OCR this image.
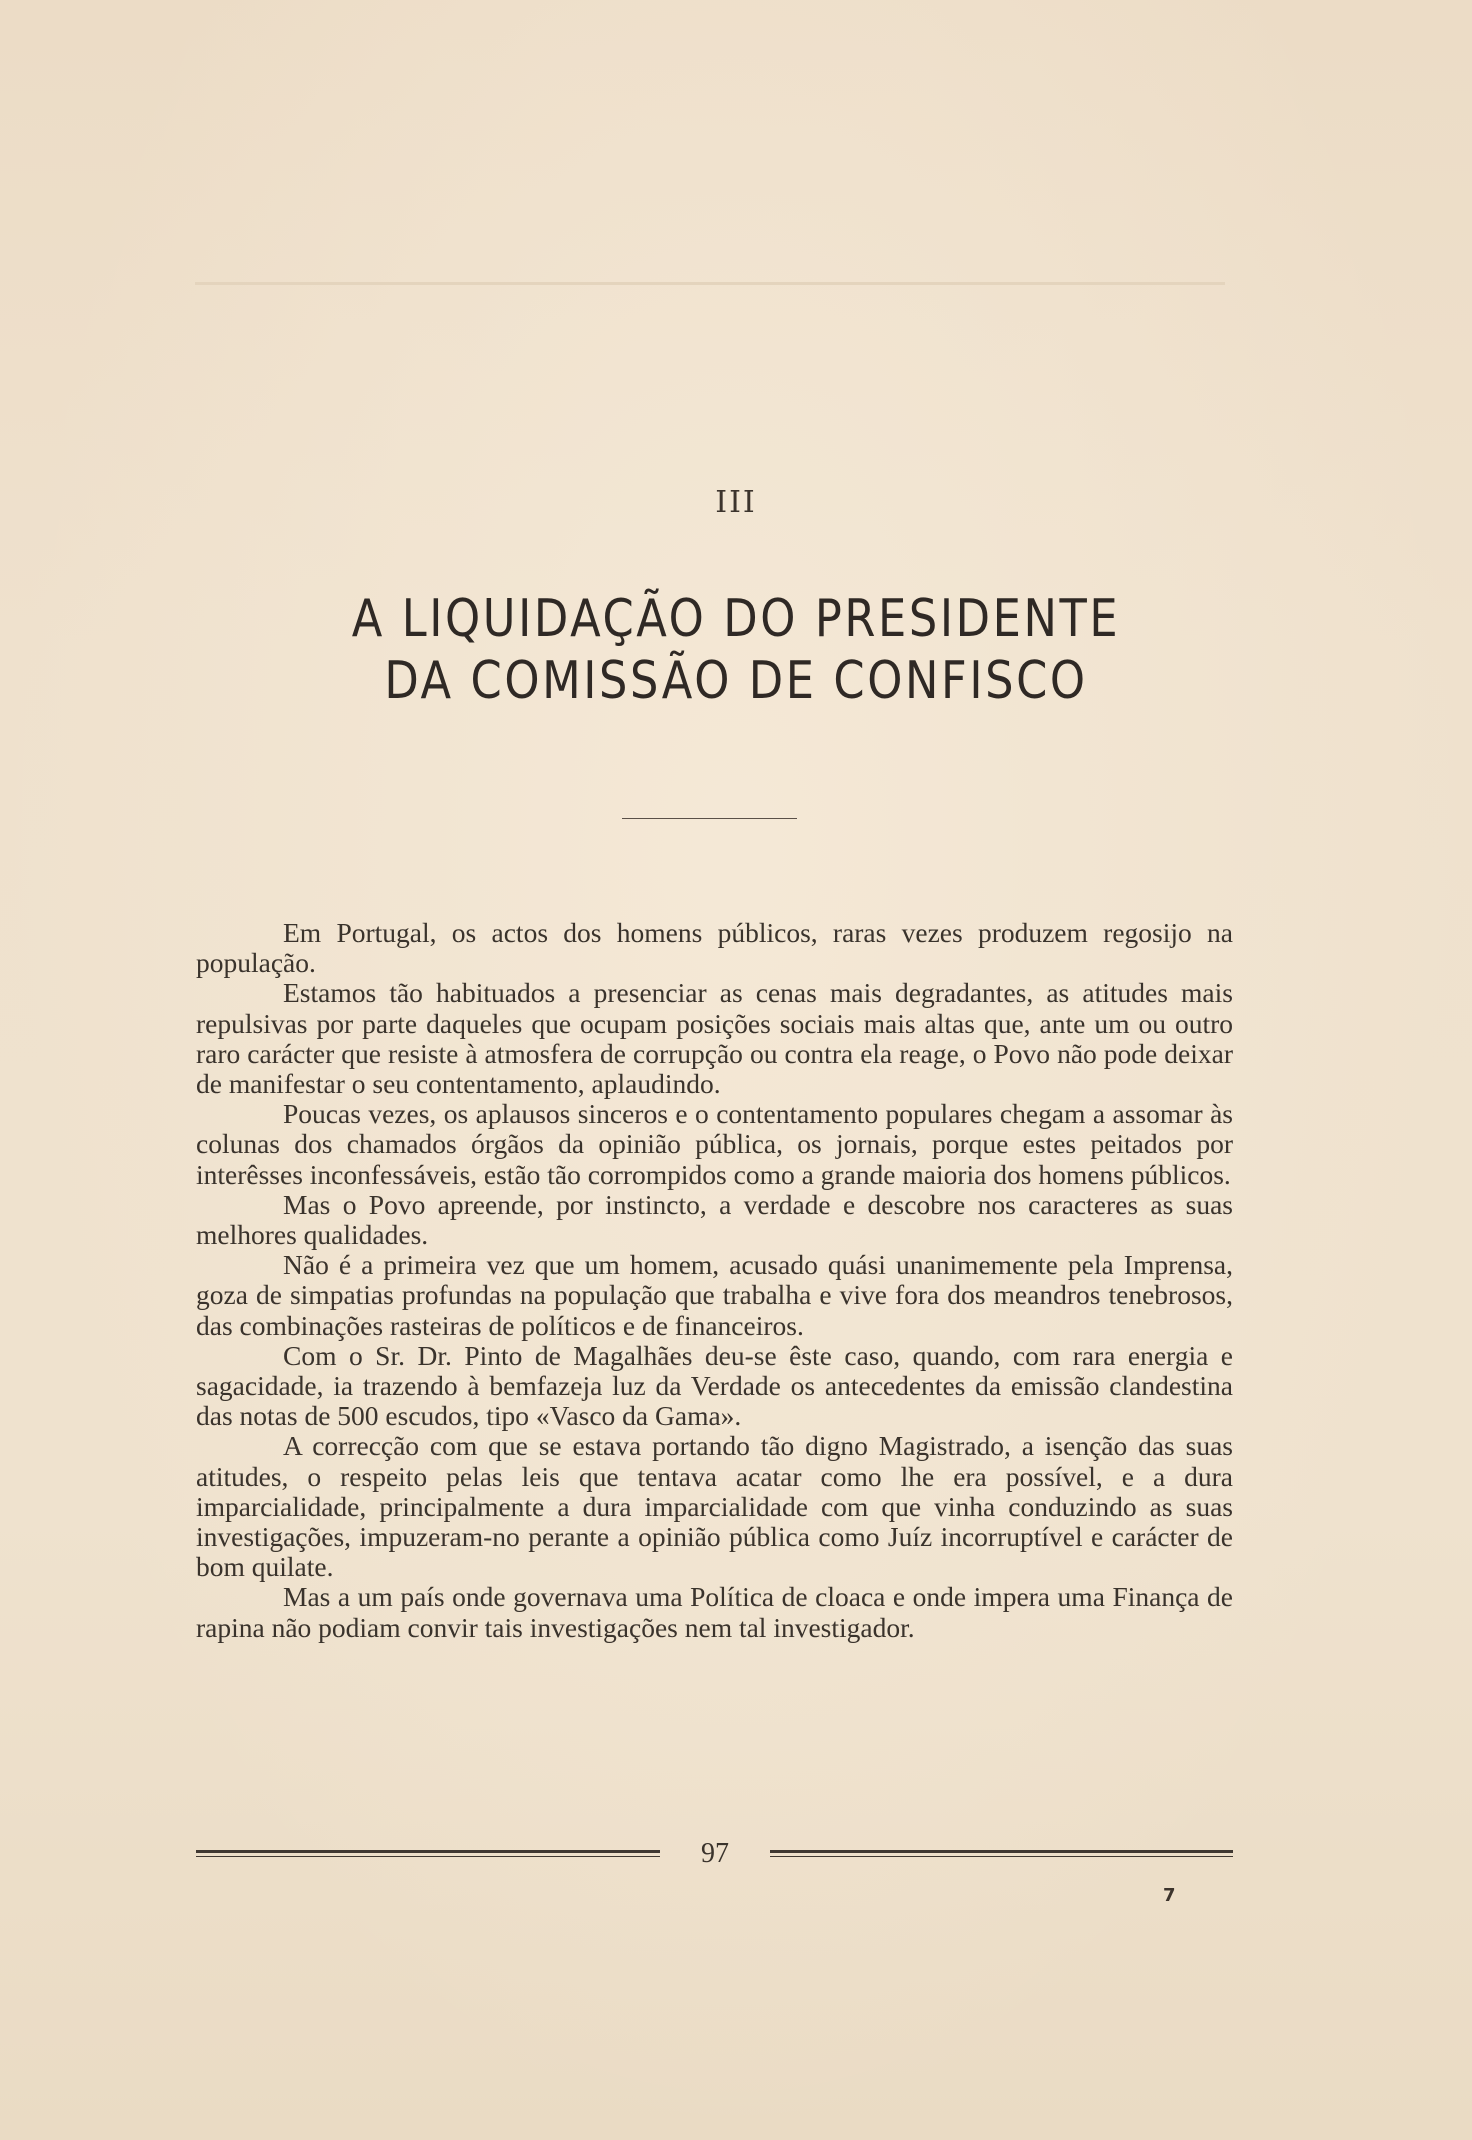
III
A LIQUIDAÇÃO DO PRESIDENTE
DA COMISSÃO DE CONFISCO

Em Portugal, os actos dos homens públicos, raras vezes produzem regosijo na população.

Estamos tão habituados a presenciar as cenas mais degradantes, as atitudes mais repulsivas por parte daqueles que ocupam posições sociais mais altas que, ante um ou outro raro carácter que resiste à atmosfera de corrupção ou contra ela reage, o Povo não pode deixar de manifestar o seu contentamento, aplaudindo.

Poucas vezes, os aplausos sinceros e o contentamento populares chegam a assomar às colunas dos chamados órgãos da opinião pública, os jornais, porque estes peitados por interêsses inconfessáveis, estão tão corrompidos como a grande maioria dos homens públicos.

Mas o Povo apreende, por instincto, a verdade e descobre nos caracteres as suas melhores qualidades.

Não é a primeira vez que um homem, acusado quási unanimemente pela Imprensa, goza de simpatias profundas na população que trabalha e vive fora dos meandros tenebrosos, das combinações rasteiras de políticos e de financeiros.

Com o Sr. Dr. Pinto de Magalhães deu-se êste caso, quando, com rara energia e sagacidade, ia trazendo à bemfazeja luz da Verdade os antecedentes da emissão clandestina das notas de 500 escudos, tipo «Vasco da Gama».

A correcção com que se estava portando tão digno Magistrado, a isenção das suas atitudes, o respeito pelas leis que tentava acatar como lhe era possível, e a dura imparcialidade, principalmente a dura imparcialidade com que vinha conduzindo as suas investigações, impuzeram-no perante a opinião pública como Juíz incorruptível e carácter de bom quilate.

Mas a um país onde governava uma Política de cloaca e onde impera uma Finança de rapina não podiam convir tais investigações nem tal investigador.

97
7
